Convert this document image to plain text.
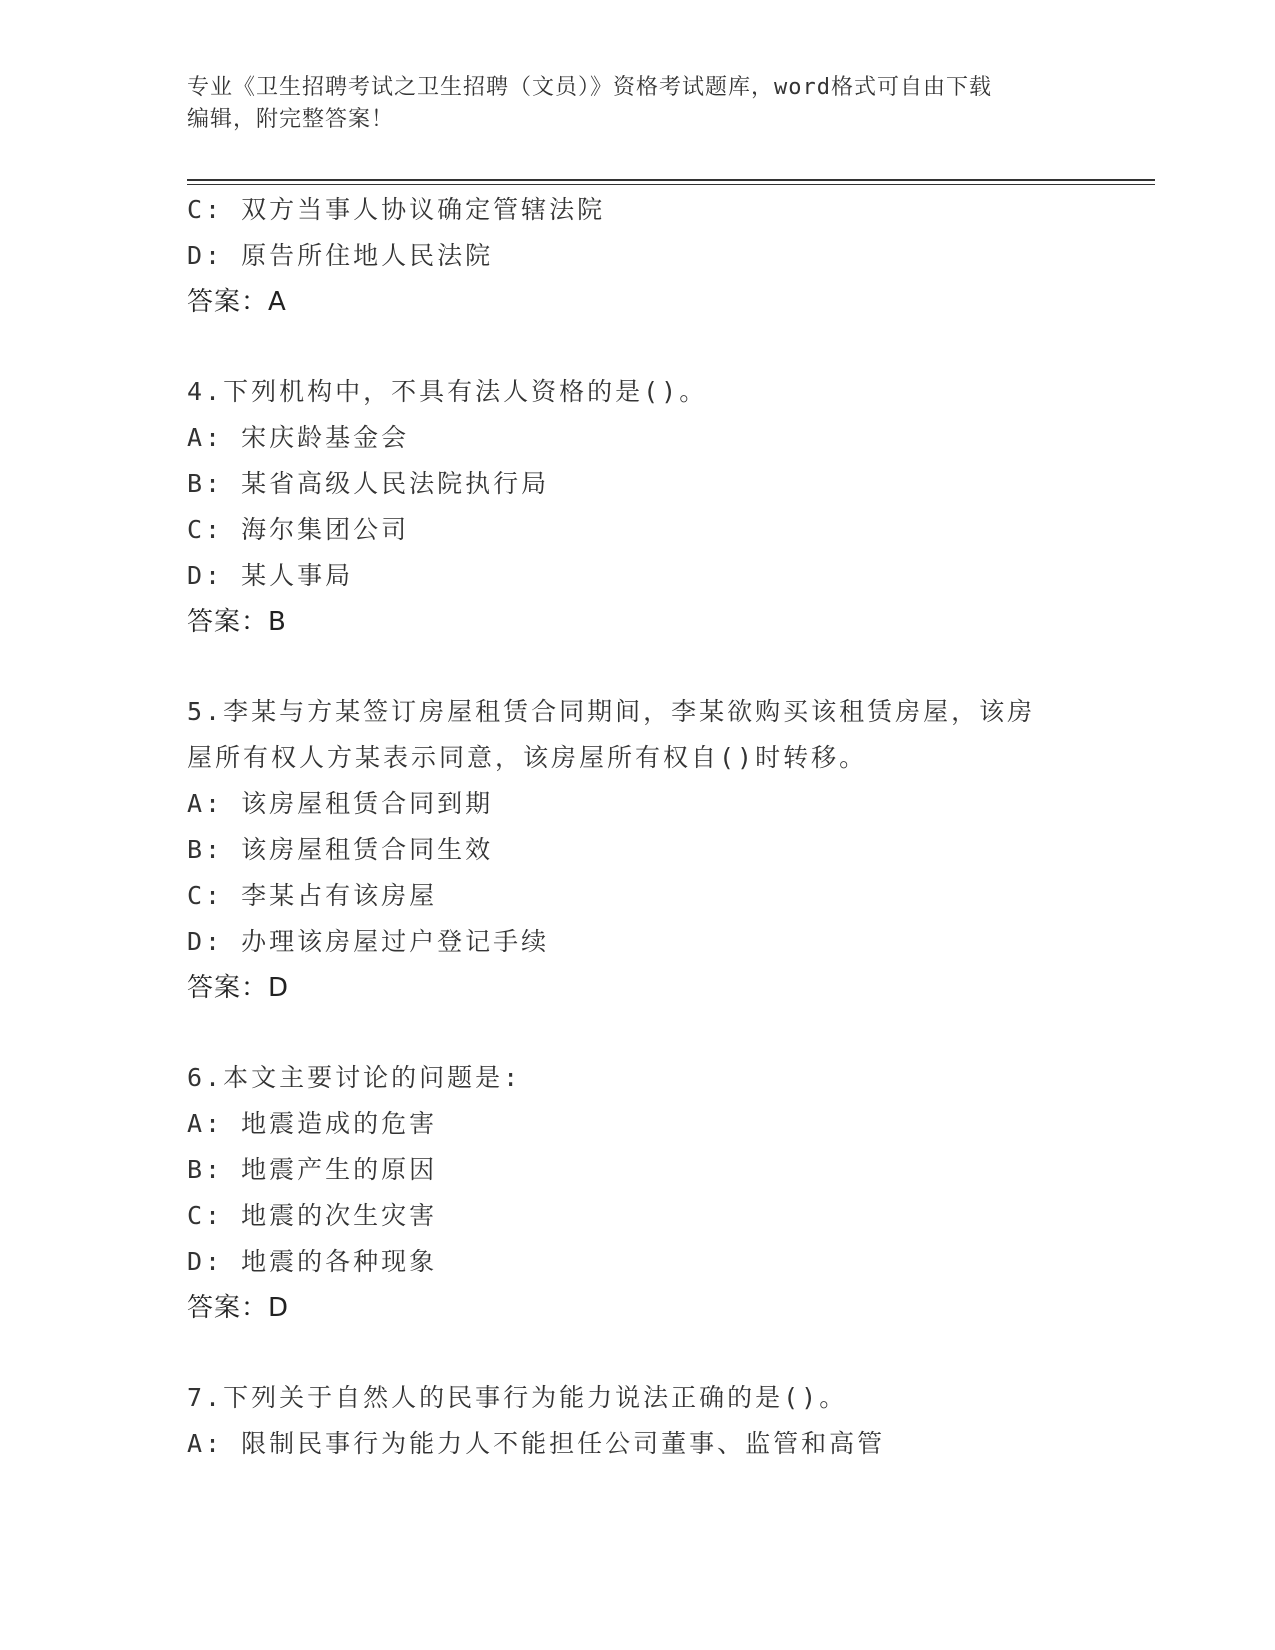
专业《卫生招聘考试之卫生招聘（文员）》资格考试题库，word格式可自由下载
编辑，附完整答案！
C: 双方当事人协议确定管辖法院
D: 原告所住地人民法院
答案：A
4.下列机构中，不具有法人资格的是()。
A: 宋庆龄基金会
B: 某省高级人民法院执行局
C: 海尔集团公司
D: 某人事局
答案：B
5.李某与方某签订房屋租赁合同期间，李某欲购买该租赁房屋，该房
屋所有权人方某表示同意，该房屋所有权自()时转移。
A: 该房屋租赁合同到期
B: 该房屋租赁合同生效
C: 李某占有该房屋
D: 办理该房屋过户登记手续
答案：D
6.本文主要讨论的问题是:
A: 地震造成的危害
B: 地震产生的原因
C: 地震的次生灾害
D: 地震的各种现象
答案：D
7.下列关于自然人的民事行为能力说法正确的是()。
A: 限制民事行为能力人不能担任公司董事、监管和高管
